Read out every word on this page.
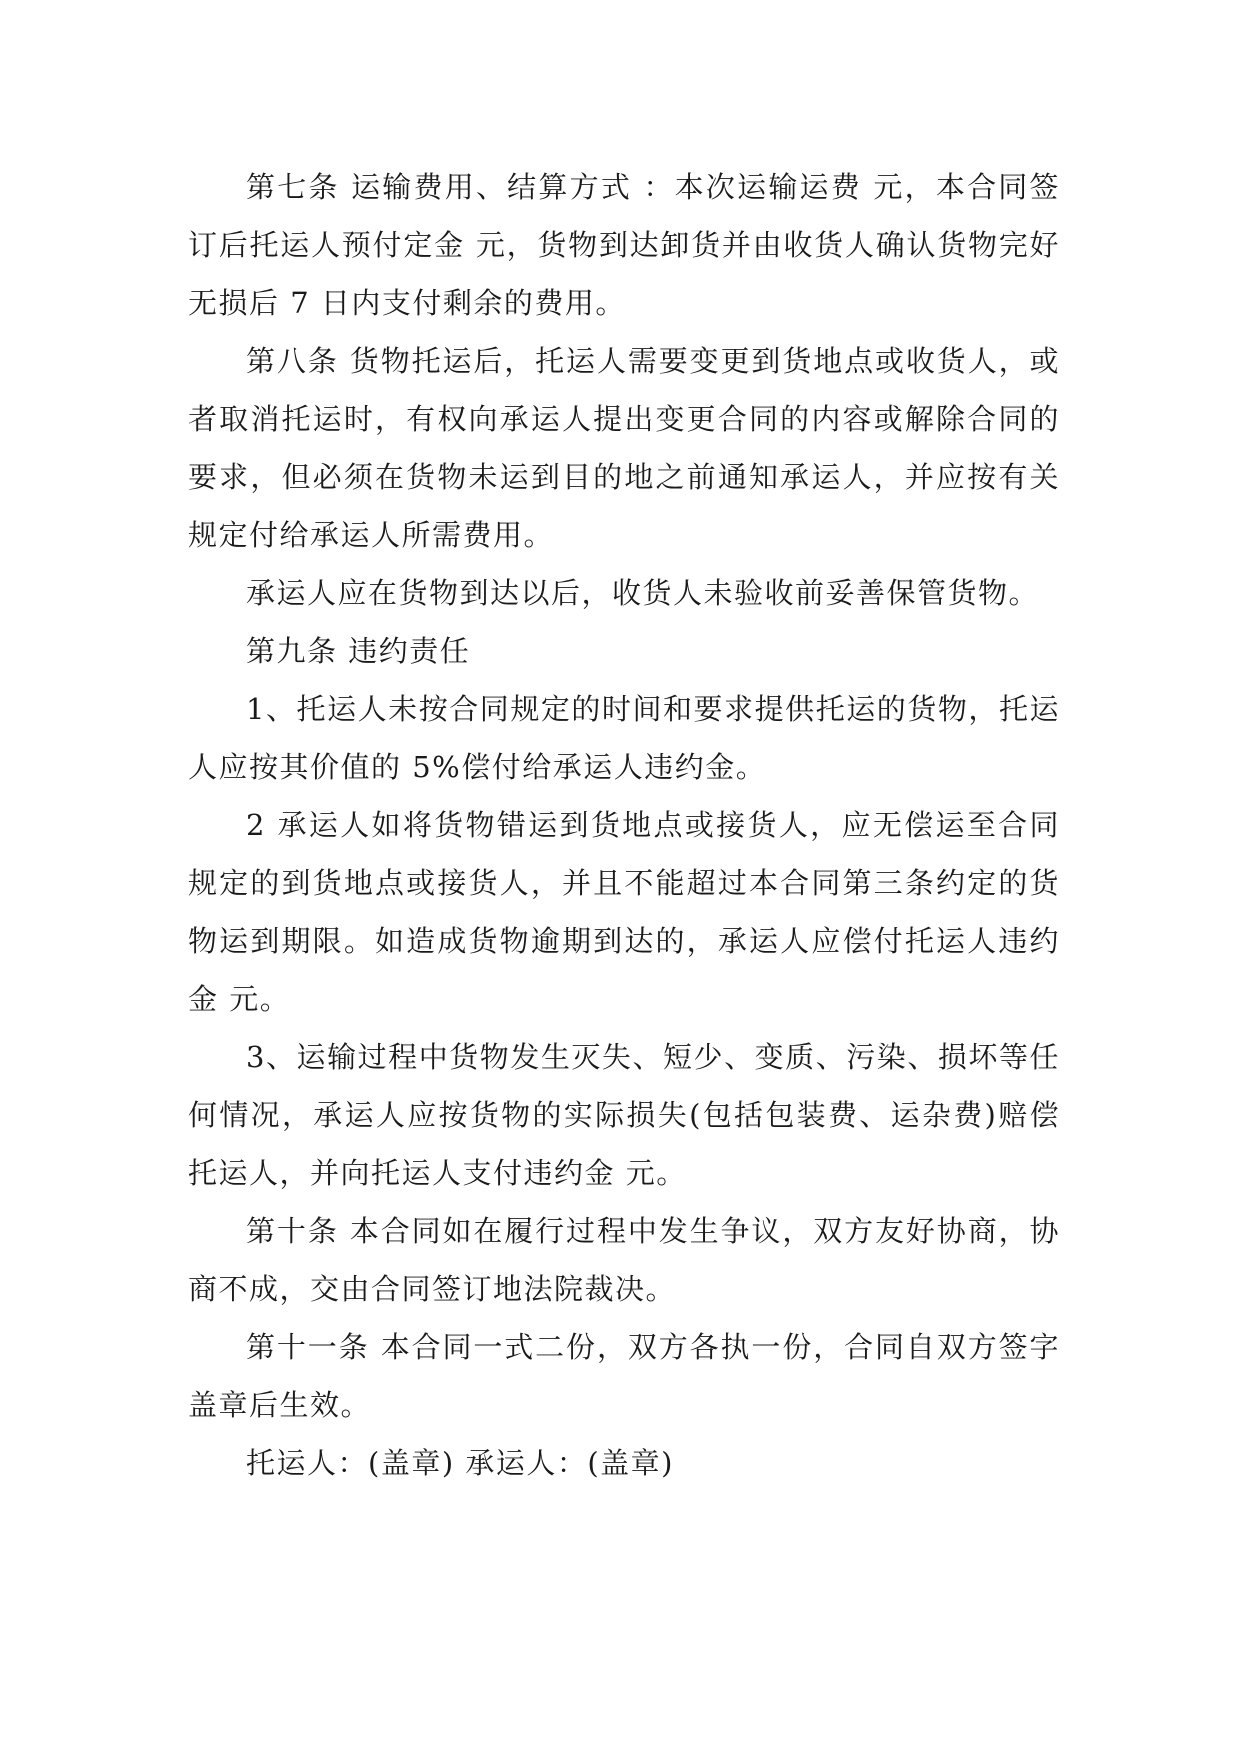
第七条 运输费用、结算方式 ：本次运输运费 元，本合同签订后托运人预付定金 元，货物到达卸货并由收货人确认货物完好无损后 7 日内支付剩余的费用。

第八条 货物托运后，托运人需要变更到货地点或收货人，或者取消托运时，有权向承运人提出变更合同的内容或解除合同的要求，但必须在货物未运到目的地之前通知承运人，并应按有关规定付给承运人所需费用。

承运人应在货物到达以后，收货人未验收前妥善保管货物。

第九条 违约责任

1、托运人未按合同规定的时间和要求提供托运的货物，托运人应按其价值的 5%偿付给承运人违约金。

2 承运人如将货物错运到货地点或接货人，应无偿运至合同规定的到货地点或接货人，并且不能超过本合同第三条约定的货物运到期限。如造成货物逾期到达的，承运人应偿付托运人违约金 元。

3、运输过程中货物发生灭失、短少、变质、污染、损坏等任何情况，承运人应按货物的实际损失(包括包装费、运杂费)赔偿托运人，并向托运人支付违约金 元。

第十条 本合同如在履行过程中发生争议，双方友好协商，协商不成，交由合同签订地法院裁决。

第十一条 本合同一式二份，双方各执一份，合同自双方签字盖章后生效。

托运人：(盖章) 承运人：(盖章)
